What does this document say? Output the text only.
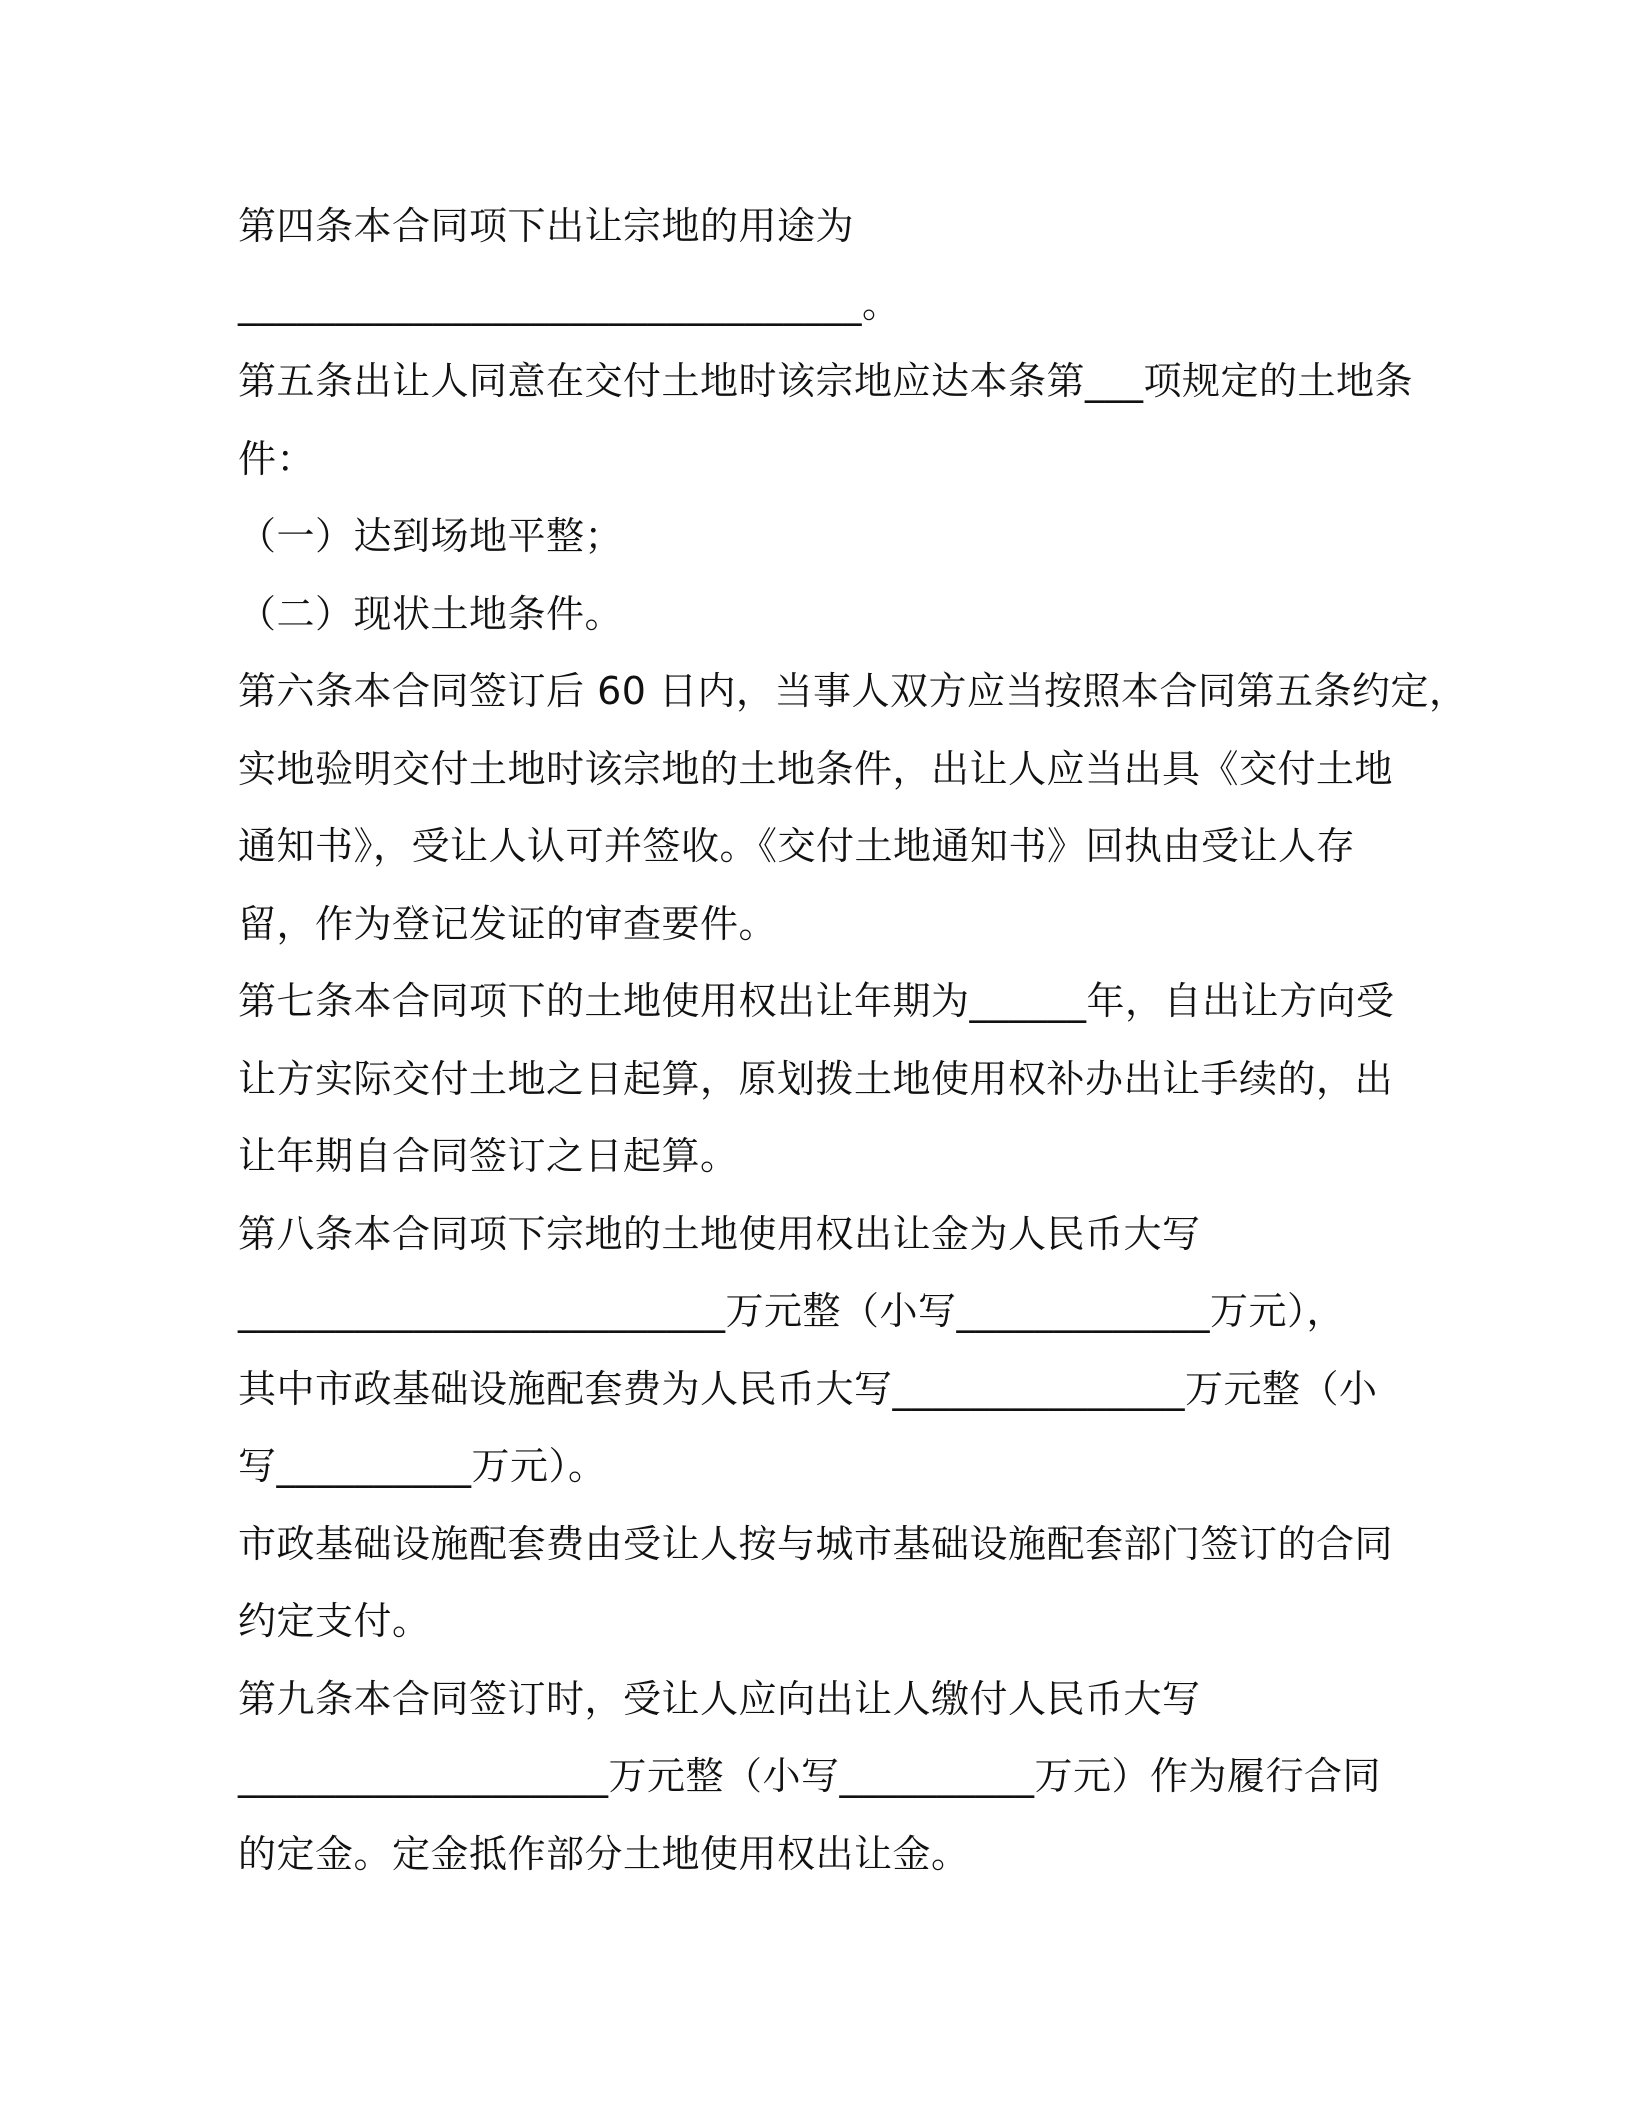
第四条本合同项下出让宗地的用途为

________________________________。

第五条出让人同意在交付土地时该宗地应达本条第___项规定的土地条

件：

（一）达到场地平整；

（二）现状土地条件。

第六条本合同签订后 60 日内，当事人双方应当按照本合同第五条约定，

实地验明交付土地时该宗地的土地条件，出让人应当出具《交付土地

通知书》，受让人认可并签收。《交付土地通知书》回执由受让人存

留，作为登记发证的审查要件。

第七条本合同项下的土地使用权出让年期为______年，自出让方向受

让方实际交付土地之日起算，原划拨土地使用权补办出让手续的，出

让年期自合同签订之日起算。

第八条本合同项下宗地的土地使用权出让金为人民币大写

_________________________万元整（小写_____________万元），

其中市政基础设施配套费为人民币大写_______________万元整（小

写__________万元）。

市政基础设施配套费由受让人按与城市基础设施配套部门签订的合同

约定支付。

第九条本合同签订时，受让人应向出让人缴付人民币大写

___________________万元整（小写__________万元）作为履行合同

的定金。定金抵作部分土地使用权出让金。
